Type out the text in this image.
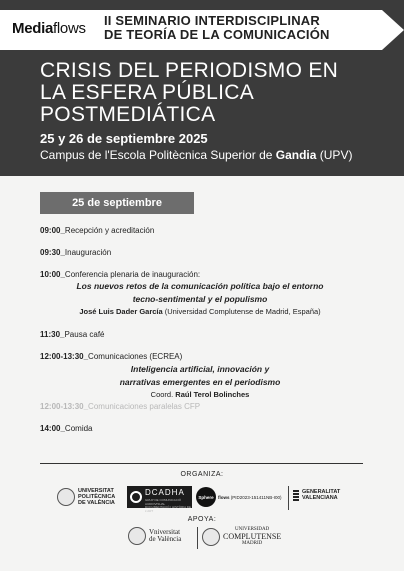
Mediaflows II SEMINARIO INTERDISCIPLINAR
DE TEORÍA DE LA COMUNICACIÓN
CRISIS DEL PERIODISMO EN
LA ESFERA PÚBLICA
POSTMEDIÁTICA
25 y 26 de septiembre 2025
Campus de l'Escola Politècnica Superior de Gandia (UPV)
25 de septiembre
09:00_Recepción y acreditación
09:30_Inauguración
10:00_Conferencia plenaria de inauguración:
Los nuevos retos de la comunicación política bajo el entorno
tecno-sentimental y el populismo
José Luis Dader García (Universidad Complutense de Madrid, España)
11:30_Pausa café
12:00-13:30_Comunicaciones (ECREA)
Inteligencia artificial, innovación y
narrativas emergentes en el periodismo
Coord. Raúl Terol Bolinches
12:00-13:30_Comunicaciones paralelas CFP
14:00_Comida
ORGANIZA:
UNIVERSITAT
POLITÈCNICA
DE VALÈNCIA
DCADHA
GRUP DE COMUNICACIÓ AUDIOVISUAL
DOCUMENTACIÓ I HISTÒRIA DE L'ART
Sphere flows (PID2023-151411NB-I00)
GENERALITAT
VALENCIANA
APOYA:
Vniversitat
de València
UNIVERSIDAD
COMPLUTENSE
MADRID
